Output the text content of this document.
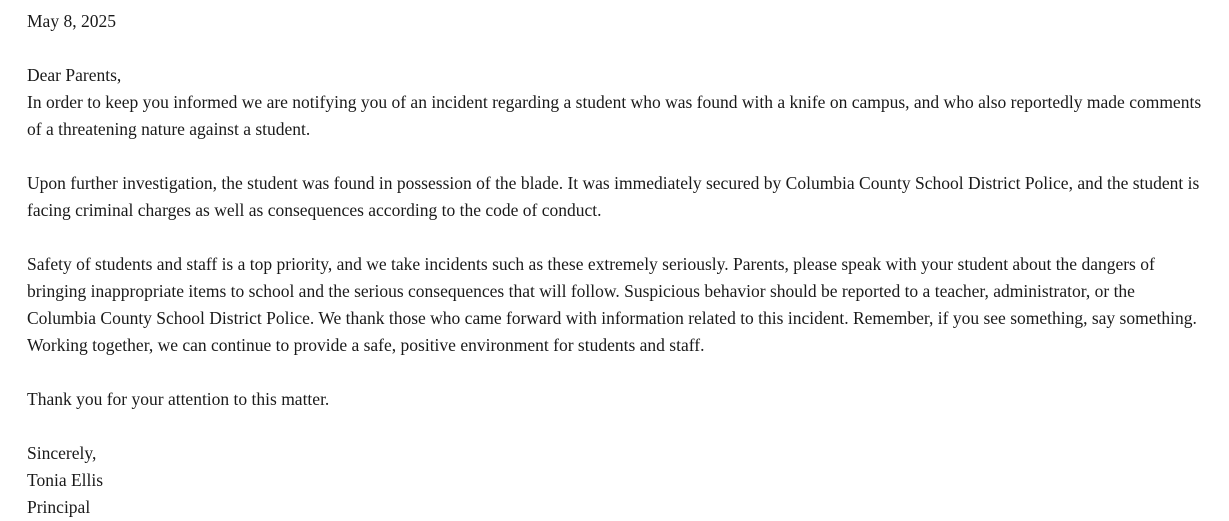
May 8, 2025

Dear Parents,

In order to keep you informed we are notifying you of an incident regarding a student who was found with a knife on campus, and who also reportedly made comments of a threatening nature against a student.

Upon further investigation, the student was found in possession of the blade. It was immediately secured by Columbia County School District Police, and the student is facing criminal charges as well as consequences according to the code of conduct.

Safety of students and staff is a top priority, and we take incidents such as these extremely seriously. Parents, please speak with your student about the dangers of bringing inappropriate items to school and the serious consequences that will follow. Suspicious behavior should be reported to a teacher, administrator, or the Columbia County School District Police. We thank those who came forward with information related to this incident. Remember, if you see something, say something. Working together, we can continue to provide a safe, positive environment for students and staff.

Thank you for your attention to this matter.

Sincerely,

Tonia Ellis

Principal
